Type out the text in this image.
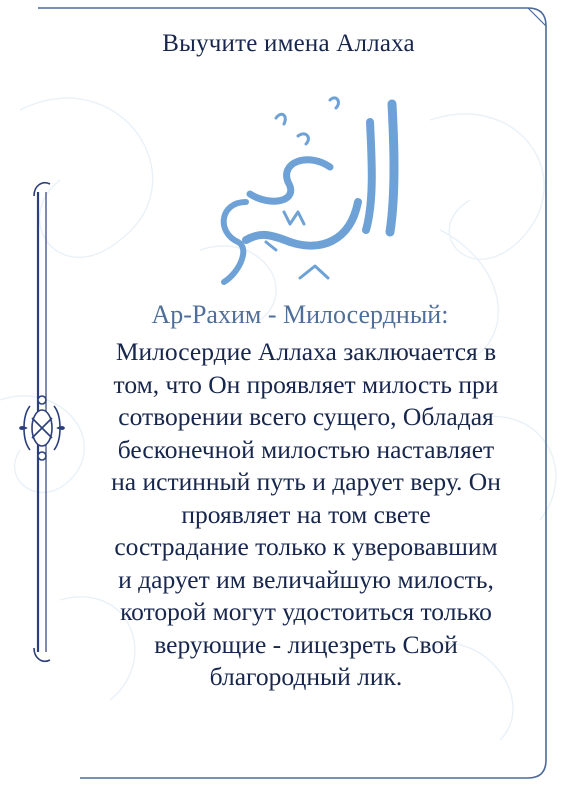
Выучите имена Аллаха
Ар-Рахим - Милосердный:
Милосердие Аллаха заключается в
том, что Он проявляет милость при
сотворении всего сущего, Обладая
бесконечной милостью наставляет
на истинный путь и дарует веру. Он
проявляет на том свете
сострадание только к уверовавшим
и дарует им величайшую милость,
которой могут удостоиться только
верующие - лицезреть Свой
благородный лик.
